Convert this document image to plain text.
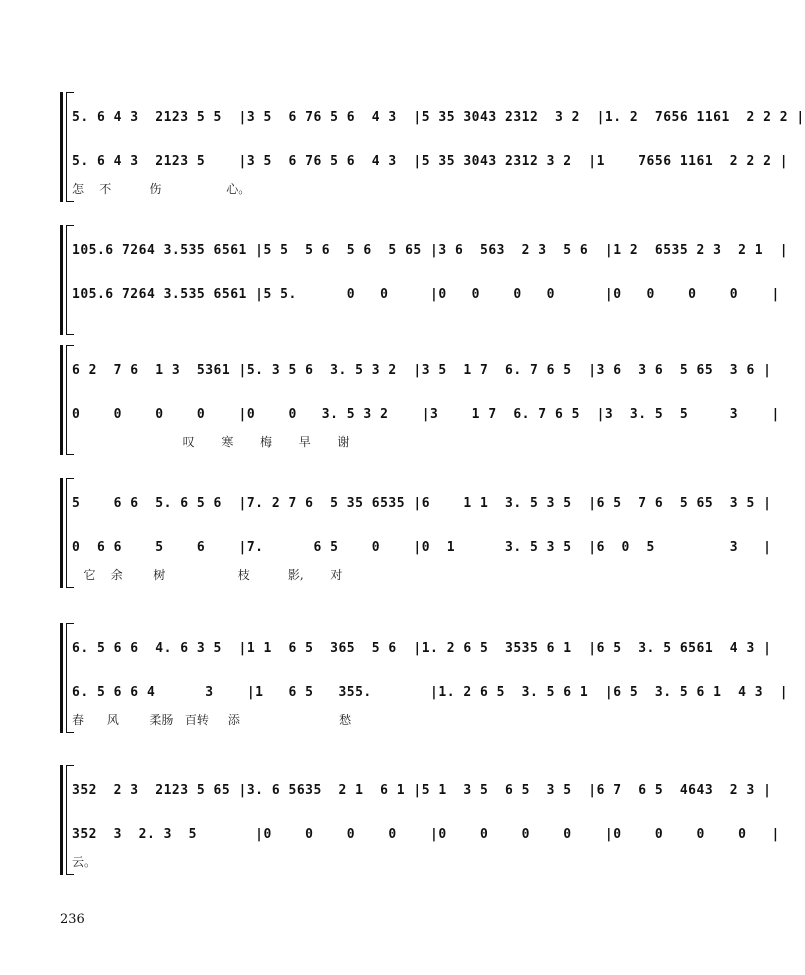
5. 6 4 3  2123 5 5  |3 5  6 76 5 6  4 3  |5 35 3043 2312  3 2  |1. 2  7656 1161  2 2 2 |
5. 6 4 3  2123 5    |3 5  6 76 5 6  4 3  |5 35 3043 2312 3 2  |1    7656 1161  2 2 2 |
怎    不          伤                 心。
105.6 7264 3.535 6561 |5 5  5 6  5 6  5 65 |3 6  563  2 3  5 6  |1 2  6535 2 3  2 1  |
105.6 7264 3.535 6561 |5 5.      0   0     |0   0    0   0      |0   0    0    0    |
6 2  7 6  1 3  5361 |5. 3 5 6  3. 5 3 2  |3 5  1 7  6. 7 6 5  |3 6  3 6  5 65  3 6 |
0    0    0    0    |0    0   3. 5 3 2    |3    1 7  6. 7 6 5  |3  3. 5  5     3    |
叹       寒       梅       早       谢
5    6 6  5. 6 5 6  |7. 2 7 6  5 35 6535 |6    1 1  3. 5 3 5  |6 5  7 6  5 65  3 5 |
0  6 6    5    6    |7.      6 5    0    |0  1      3. 5 3 5  |6  0  5         3   |
它    余        树                   枝          影,       对
6. 5 6 6  4. 6 3 5  |1 1  6 5  365  5 6  |1. 2 6 5  3535 6 1  |6 5  3. 5 6561  4 3 |
6. 5 6 6 4      3    |1   6 5   355.       |1. 2 6 5  3. 5 6 1  |6 5  3. 5 6 1  4 3  |
春      风        柔肠   百转     添                          愁
352  2 3  2123 5 65 |3. 6 5635  2 1  6 1 |5 1  3 5  6 5  3 5  |6 7  6 5  4643  2 3 |
352  3  2. 3  5       |0    0    0    0    |0    0    0    0    |0    0    0    0   |
云。
236
